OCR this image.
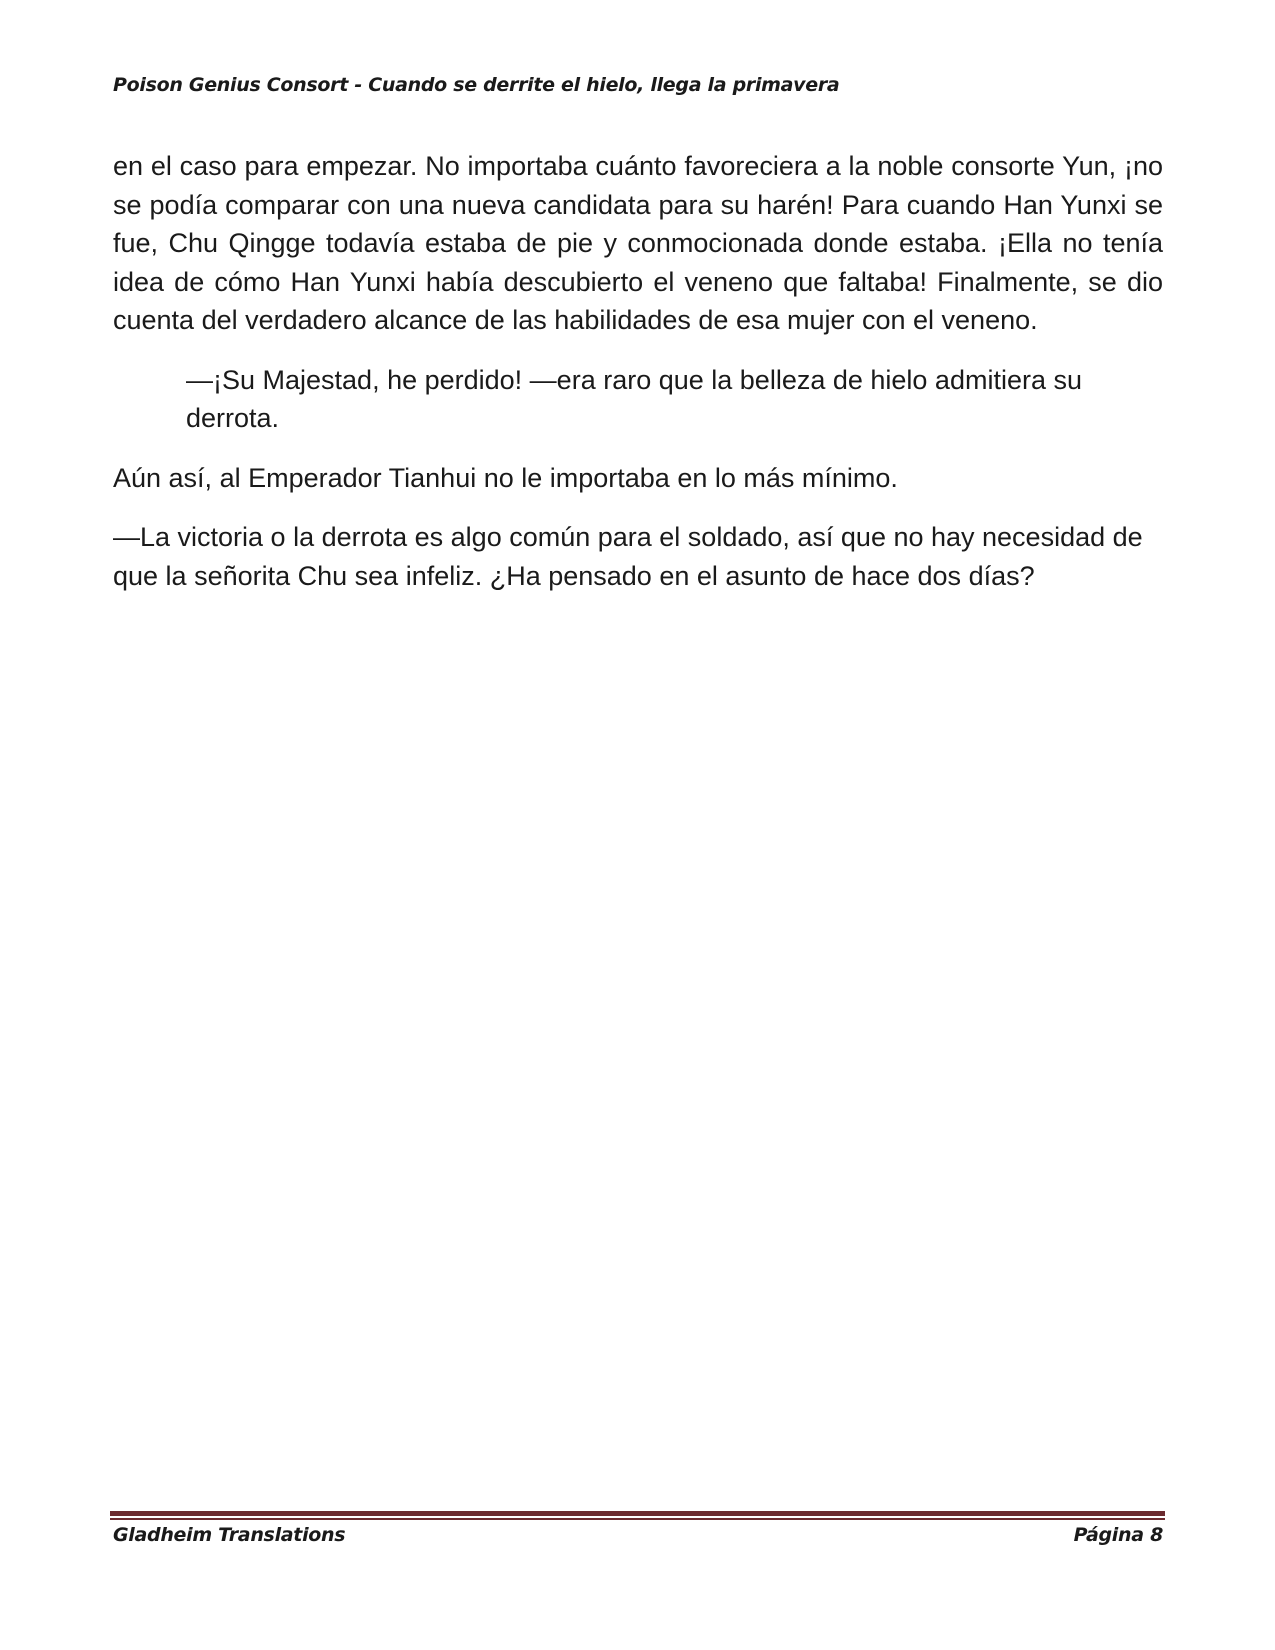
Poison Genius Consort - Cuando se derrite el hielo, llega la primavera

en el caso para empezar. No importaba cuánto favoreciera a la noble consorte Yun, ¡no se podía comparar con una nueva candidata para su harén! Para cuando Han Yunxi se fue, Chu Qingge todavía estaba de pie y conmocionada donde estaba. ¡Ella no tenía idea de cómo Han Yunxi había descubierto el veneno que faltaba! Finalmente, se dio cuenta del verdadero alcance de las habilidades de esa mujer con el veneno.

—¡Su Majestad, he perdido! —era raro que la belleza de hielo admitiera su derrota.

Aún así, al Emperador Tianhui no le importaba en lo más mínimo.

—La victoria o la derrota es algo común para el soldado, así que no hay necesidad de que la señorita Chu sea infeliz. ¿Ha pensado en el asunto de hace dos días?

Gladheim Translations	Página 8
